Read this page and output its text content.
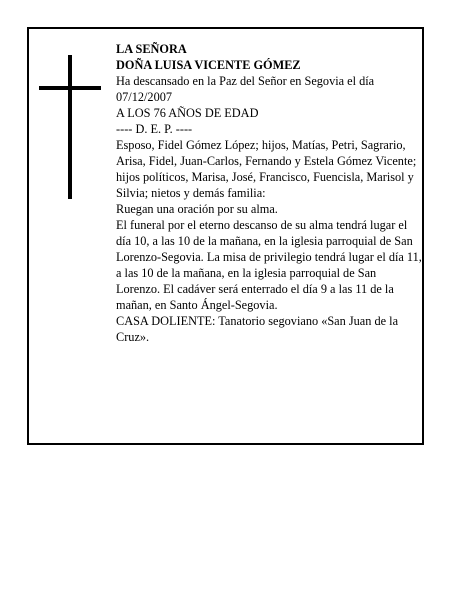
LA SEÑORA

DOÑA LUISA VICENTE GÓMEZ

Ha descansado en la Paz del Señor en Segovia el día 07/12/2007

A LOS 76 AÑOS DE EDAD

---- D. E. P. ----

Esposo, Fidel Gómez López; hijos, Matías, Petri, Sagrario, Arisa, Fidel, Juan-Carlos, Fernando y Estela Gómez Vicente; hijos políticos, Marisa, José, Francisco, Fuencisla, Marisol y Silvia; nietos y demás familia:

Ruegan una oración por su alma.

El funeral por el eterno descanso de su alma tendrá lugar el día 10, a las 10 de la mañana, en la iglesia parroquial de San Lorenzo-Segovia. La misa de privilegio tendrá lugar el día 11, a las 10 de la mañana, en la iglesia parroquial de San Lorenzo. El cadáver será enterrado el día 9 a las 11 de la mañan, en Santo Ángel-Segovia.

CASA DOLIENTE: Tanatorio segoviano «San Juan de la Cruz».
